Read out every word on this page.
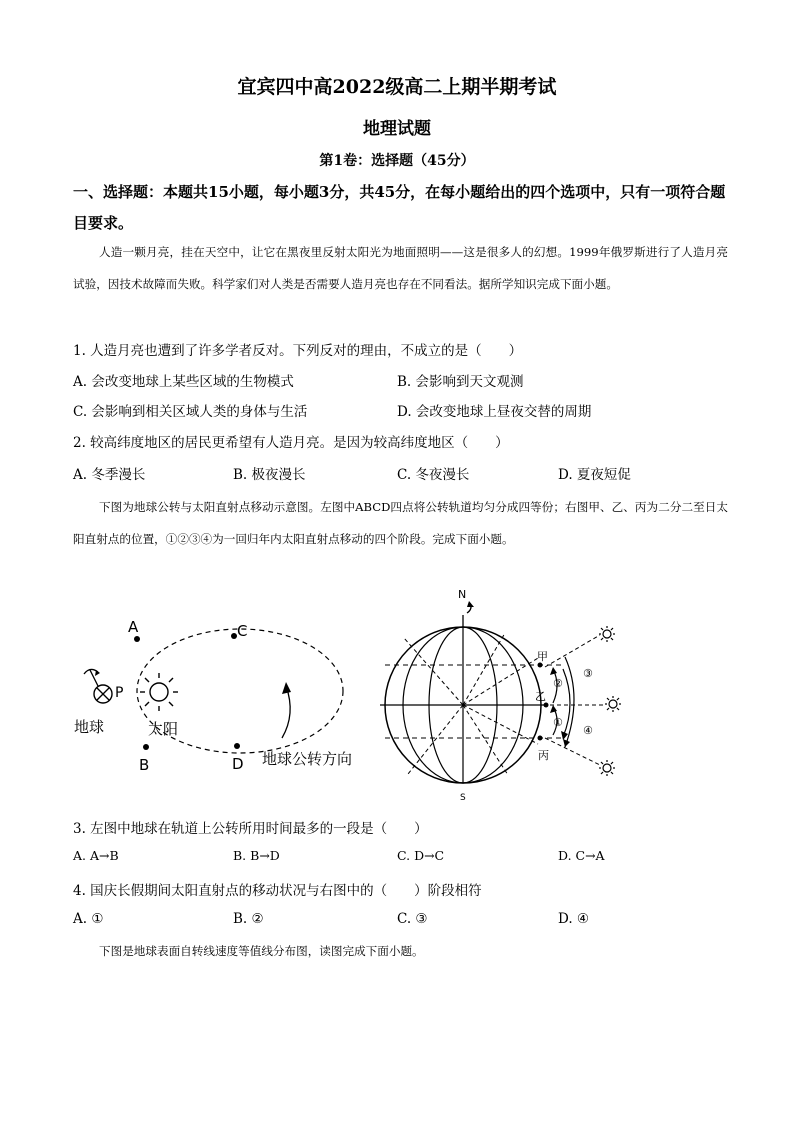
宜宾四中高2022级高二上期半期考试
地理试题
第1卷：选择题（45分）
一、选择题：本题共15小题，每小题3分，共45分，在每小题给出的四个选项中，只有一项符合题目要求。
人造一颗月亮，挂在天空中，让它在黑夜里反射太阳光为地面照明——这是很多人的幻想。1999年俄罗斯进行了人造月亮试验，因技术故障而失败。科学家们对人类是否需要人造月亮也存在不同看法。据所学知识完成下面小题。
1. 人造月亮也遭到了许多学者反对。下列反对的理由，不成立的是（　　）
A. 会改变地球上某些区域的生物模式	B. 会影响到天文观测
C. 会影响到相关区域人类的身体与生活	D. 会改变地球上昼夜交替的周期
2. 较高纬度地区的居民更希望有人造月亮。是因为较高纬度地区（　　）
A. 冬季漫长	B. 极夜漫长	C. 冬夜漫长	D. 夏夜短促
下图为地球公转与太阳直射点移动示意图。左图中ABCD四点将公转轨道均匀分成四等份；右图甲、乙、丙为二分二至日太阳直射点的位置，①②③④为一回归年内太阳直射点移动的四个阶段。完成下面小题。
A	C
B	D
P
地球	太阳
地球公转方向
N
S
甲
乙
丙
②
①
③
④
3. 左图中地球在轨道上公转所用时间最多的一段是（　　）
A. A→B	B. B→D	C. D→C	D. C→A
4. 国庆长假期间太阳直射点的移动状况与右图中的（　　）阶段相符
A. ①	B. ②	C. ③	D. ④
下图是地球表面自转线速度等值线分布图，读图完成下面小题。
